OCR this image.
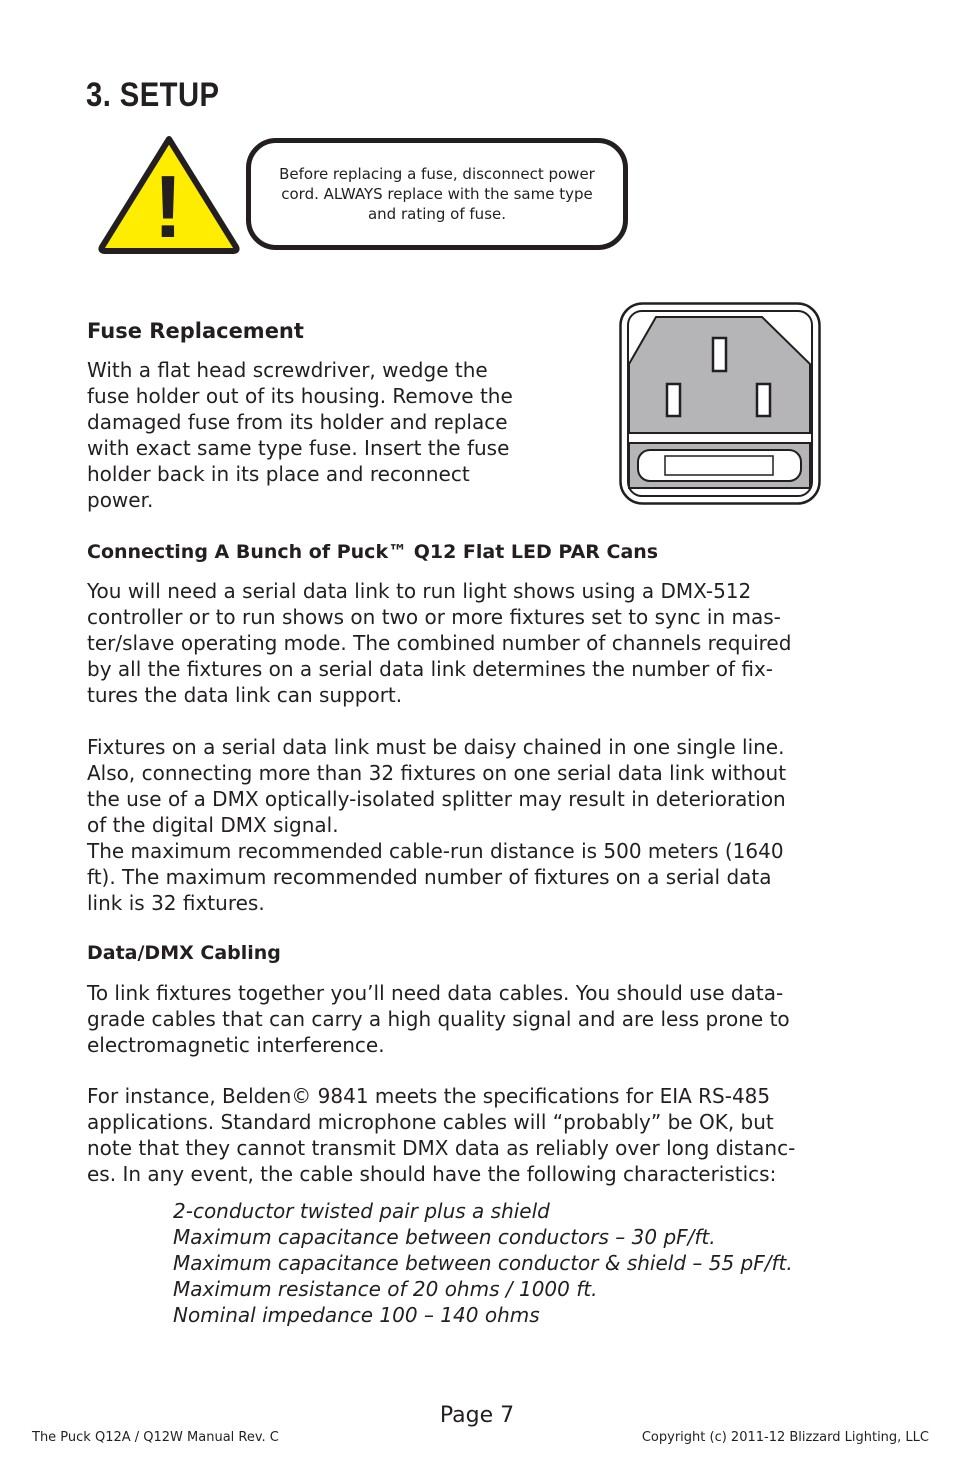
3. SETUP
!	Before replacing a fuse, disconnect power cord. ALWAYS replace with the same type and rating of fuse.
Fuse Replacement
With a flat head screwdriver, wedge the
fuse holder out of its housing. Remove the
damaged fuse from its holder and replace
with exact same type fuse. Insert the fuse
holder back in its place and reconnect
power.
Connecting A Bunch of Puck™ Q12 Flat LED PAR Cans
You will need a serial data link to run light shows using a DMX-512
controller or to run shows on two or more fixtures set to sync in mas-
ter/slave operating mode. The combined number of channels required
by all the fixtures on a serial data link determines the number of fix-
tures the data link can support.
Fixtures on a serial data link must be daisy chained in one single line.
Also, connecting more than 32 fixtures on one serial data link without
the use of a DMX optically-isolated splitter may result in deterioration
of the digital DMX signal.
The maximum recommended cable-run distance is 500 meters (1640
ft). The maximum recommended number of fixtures on a serial data
link is 32 fixtures.
Data/DMX Cabling
To link fixtures together you’ll need data cables. You should use data-
grade cables that can carry a high quality signal and are less prone to
electromagnetic interference.
For instance, Belden© 9841 meets the specifications for EIA RS-485
applications. Standard microphone cables will “probably” be OK, but
note that they cannot transmit DMX data as reliably over long distanc-
es. In any event, the cable should have the following characteristics:
2-conductor twisted pair plus a shield
Maximum capacitance between conductors – 30 pF/ft.
Maximum capacitance between conductor & shield – 55 pF/ft.
Maximum resistance of 20 ohms / 1000 ft.
Nominal impedance 100 – 140 ohms
Page 7
The Puck Q12A / Q12W Manual Rev. C	Copyright (c) 2011-12 Blizzard Lighting, LLC
